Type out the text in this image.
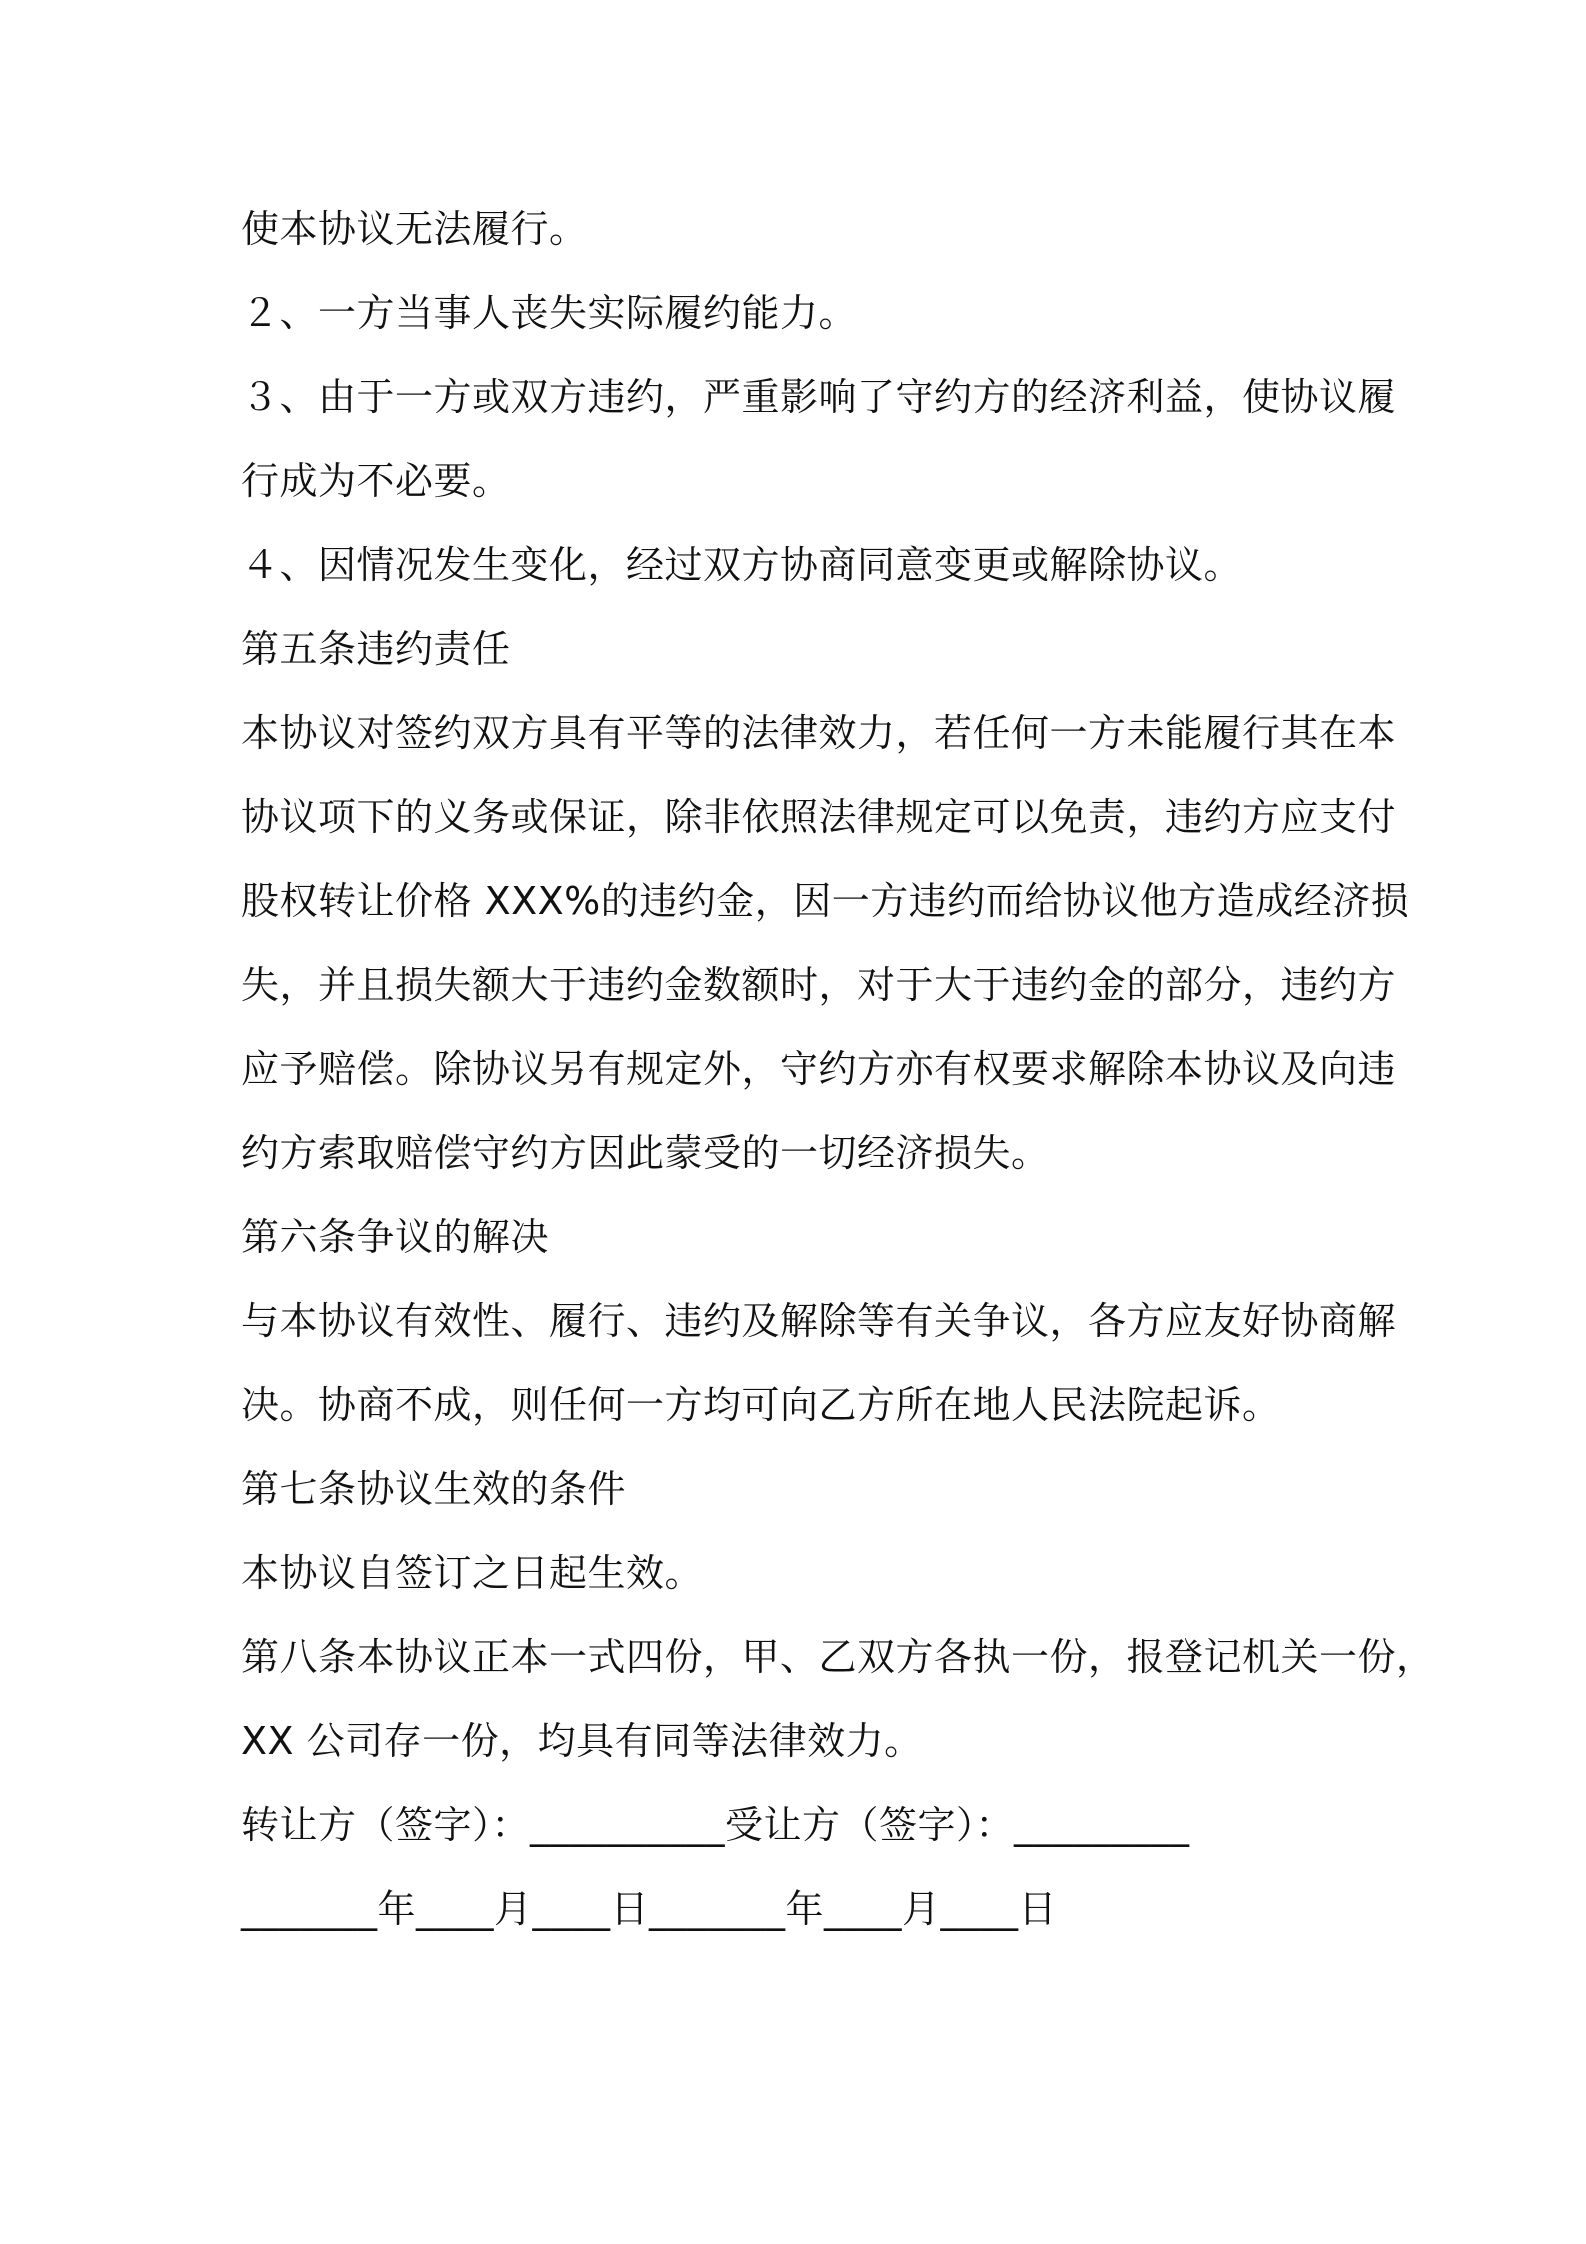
使本协议无法履行。
２、一方当事人丧失实际履约能力。
３、由于一方或双方违约，严重影响了守约方的经济利益，使协议履
行成为不必要。
４、因情况发生变化，经过双方协商同意变更或解除协议。
第五条违约责任
本协议对签约双方具有平等的法律效力，若任何一方未能履行其在本
协议项下的义务或保证，除非依照法律规定可以免责，违约方应支付
股权转让价格 XXX%的违约金，因一方违约而给协议他方造成经济损
失，并且损失额大于违约金数额时，对于大于违约金的部分，违约方
应予赔偿。除协议另有规定外，守约方亦有权要求解除本协议及向违
约方索取赔偿守约方因此蒙受的一切经济损失。
第六条争议的解决
与本协议有效性、履行、违约及解除等有关争议，各方应友好协商解
决。协商不成，则任何一方均可向乙方所在地人民法院起诉。
第七条协议生效的条件
本协议自签订之日起生效。
第八条本协议正本一式四份，甲、乙双方各执一份，报登记机关一份，
XX 公司存一份，均具有同等法律效力。
转让方（签字）：__________受让方（签字）：_________
_______年____月____日_______年____月____日
